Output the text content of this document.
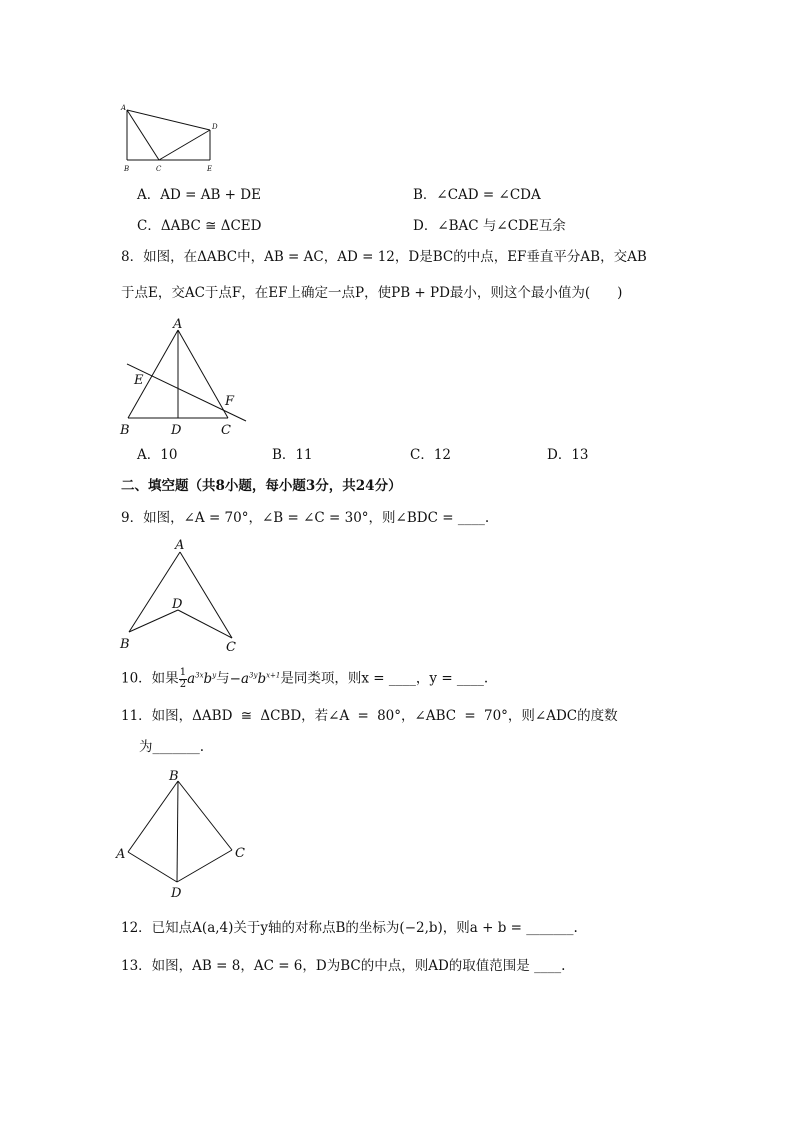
A
D
B	C	E
A．AD = AB + DE	B．∠CAD = ∠CDA
C．ΔABC ≅ ΔCED	D．∠BAC 与∠CDE互余
8．如图，在ΔABC中，AB = AC，AD = 12，D是BC的中点，EF垂直平分AB，交AB
于点E，交AC于点F，在EF上确定一点P，使PB + PD最小，则这个最小值为(　　)
A
E
F
B	D	C
A．10	B．11	C．12	D．13
二、填空题（共8小题，每小题3分，共24分）
9．如图，∠A = 70°，∠B = ∠C = 30°，则∠BDC = ____.
A
D
B	C
10．如果 $\frac{1}{2} a^{3x}b^y$与$-a^{3y}b^{x+1}$是同类项，则x = ____，y = ____.
11．如图，ΔABD ≅ ΔCBD，若∠A = 80°，∠ABC = 70°，则∠ADC的度数
为_______.
B
A	C
D
12．已知点A(a,4)关于y轴的对称点B的坐标为(−2,b)，则a + b = _______.
13．如图，AB = 8，AC = 6，D为BC的中点，则AD的取值范围是 ____.
